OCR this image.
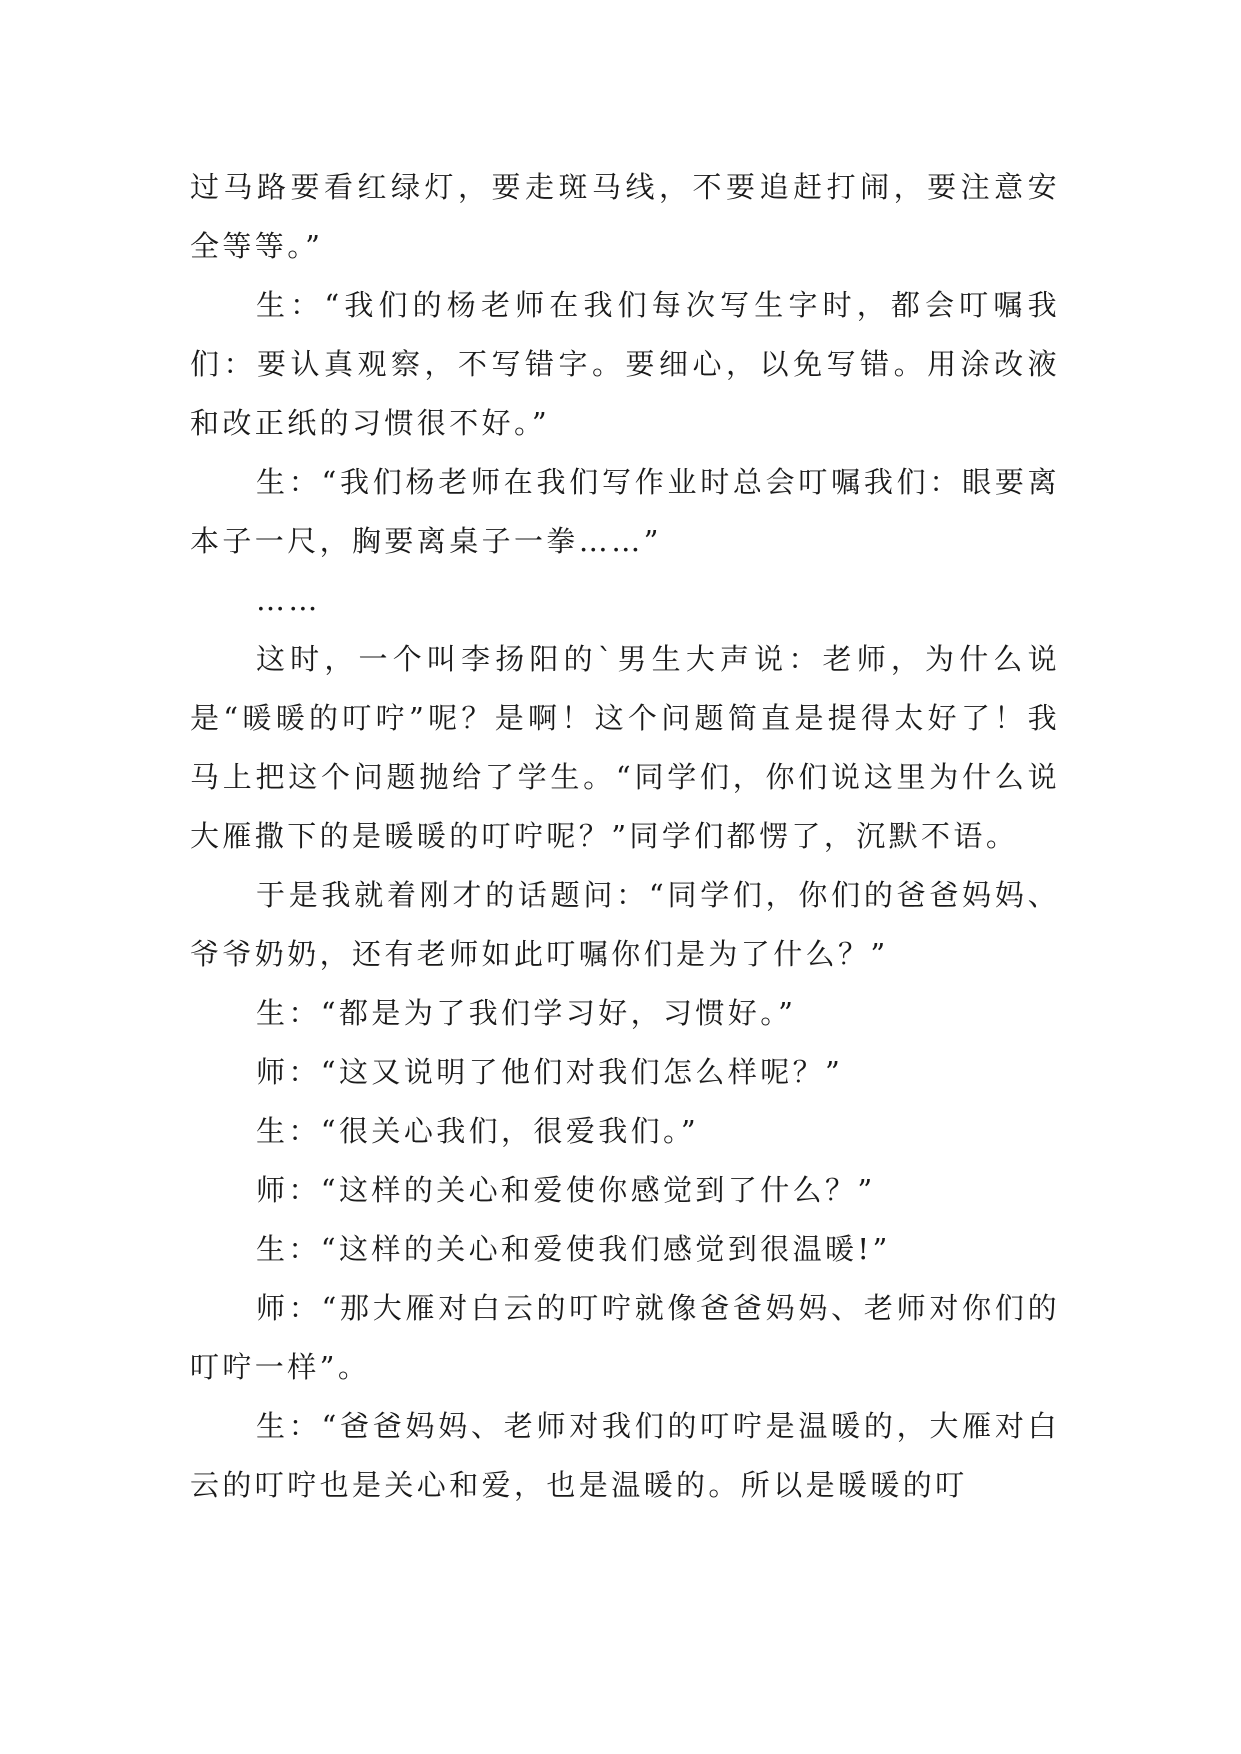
过马路要看红绿灯，要走斑马线，不要追赶打闹，要注意安全等等。”

生：“我们的杨老师在我们每次写生字时，都会叮嘱我们：要认真观察，不写错字。要细心，以免写错。用涂改液和改正纸的习惯很不好。”

生：“我们杨老师在我们写作业时总会叮嘱我们：眼要离本子一尺，胸要离桌子一拳……”

……

这时，一个叫李扬阳的`男生大声说：老师，为什么说是“暖暖的叮咛”呢？是啊！这个问题简直是提得太好了！我马上把这个问题抛给了学生。“同学们，你们说这里为什么说大雁撒下的是暖暖的叮咛呢？”同学们都愣了，沉默不语。

于是我就着刚才的话题问：“同学们，你们的爸爸妈妈、爷爷奶奶，还有老师如此叮嘱你们是为了什么？”

生：“都是为了我们学习好，习惯好。”

师：“这又说明了他们对我们怎么样呢？”

生：“很关心我们，很爱我们。”

师：“这样的关心和爱使你感觉到了什么？”

生：“这样的关心和爱使我们感觉到很温暖!”

师：“那大雁对白云的叮咛就像爸爸妈妈、老师对你们的叮咛一样”。

生：“爸爸妈妈、老师对我们的叮咛是温暖的，大雁对白云的叮咛也是关心和爱，也是温暖的。所以是暖暖的叮
